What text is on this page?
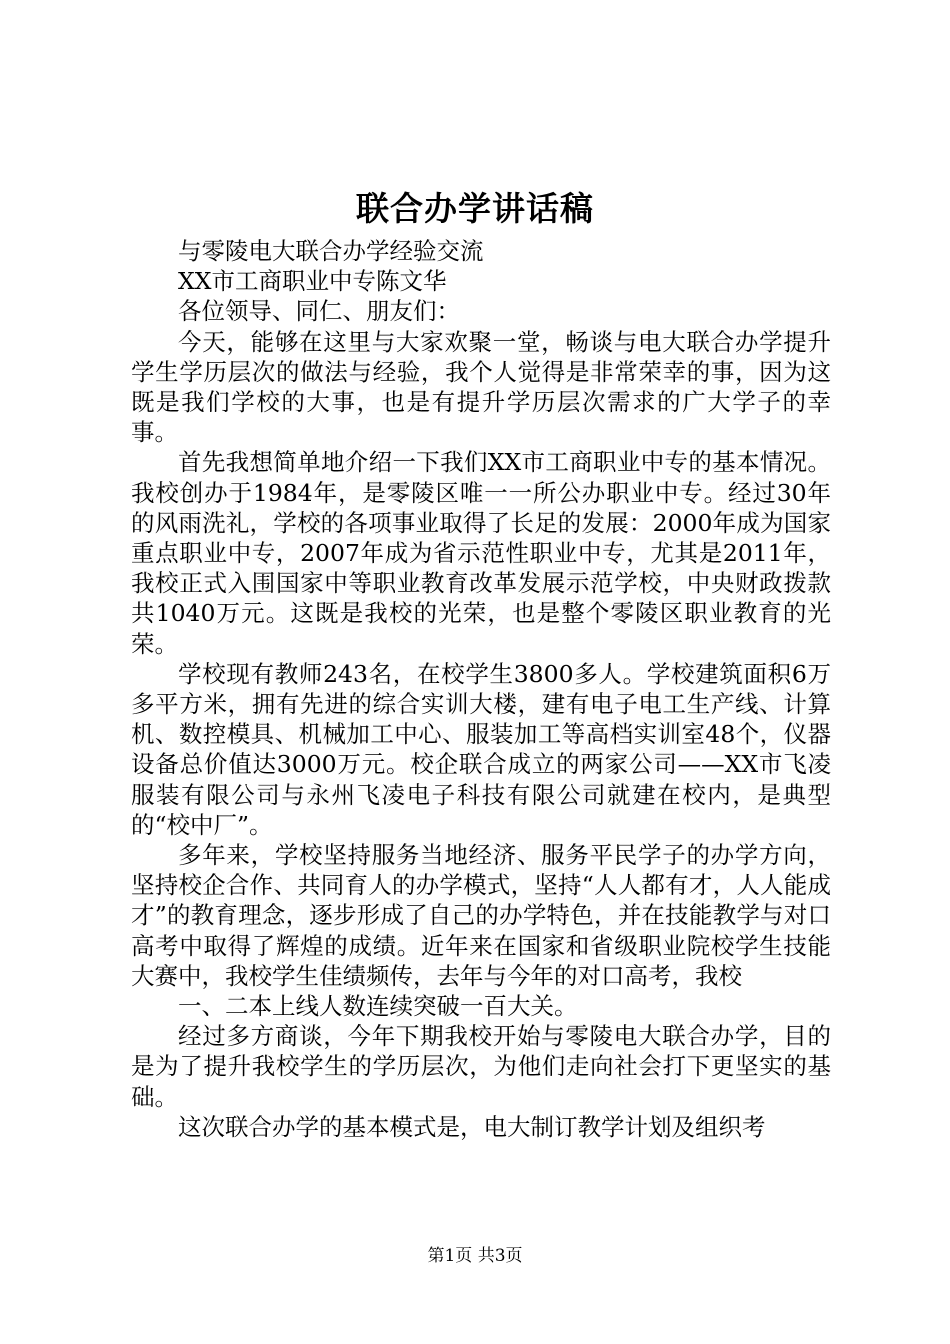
联合办学讲话稿

与零陵电大联合办学经验交流

XX市工商职业中专陈文华

各位领导、同仁、朋友们：

今天，能够在这里与大家欢聚一堂，畅谈与电大联合办学提升学生学历层次的做法与经验，我个人觉得是非常荣幸的事，因为这既是我们学校的大事，也是有提升学历层次需求的广大学子的幸事。

首先我想简单地介绍一下我们XX市工商职业中专的基本情况。我校创办于1984年，是零陵区唯一一所公办职业中专。经过30年的风雨洗礼，学校的各项事业取得了长足的发展：2000年成为国家重点职业中专，2007年成为省示范性职业中专，尤其是2011年，我校正式入围国家中等职业教育改革发展示范学校，中央财政拨款共1040万元。这既是我校的光荣，也是整个零陵区职业教育的光荣。

学校现有教师243名，在校学生3800多人。学校建筑面积6万多平方米，拥有先进的综合实训大楼，建有电子电工生产线、计算机、数控模具、机械加工中心、服装加工等高档实训室48个，仪器设备总价值达3000万元。校企联合成立的两家公司——XX市飞凌服装有限公司与永州飞凌电子科技有限公司就建在校内，是典型的“校中厂”。

多年来，学校坚持服务当地经济、服务平民学子的办学方向，坚持校企合作、共同育人的办学模式，坚持“人人都有才，人人能成才”的教育理念，逐步形成了自己的办学特色，并在技能教学与对口高考中取得了辉煌的成绩。近年来在国家和省级职业院校学生技能大赛中，我校学生佳绩频传，去年与今年的对口高考，我校

一、二本上线人数连续突破一百大关。

经过多方商谈，今年下期我校开始与零陵电大联合办学，目的是为了提升我校学生的学历层次，为他们走向社会打下更坚实的基础。

这次联合办学的基本模式是，电大制订教学计划及组织考

第1页 共3页
